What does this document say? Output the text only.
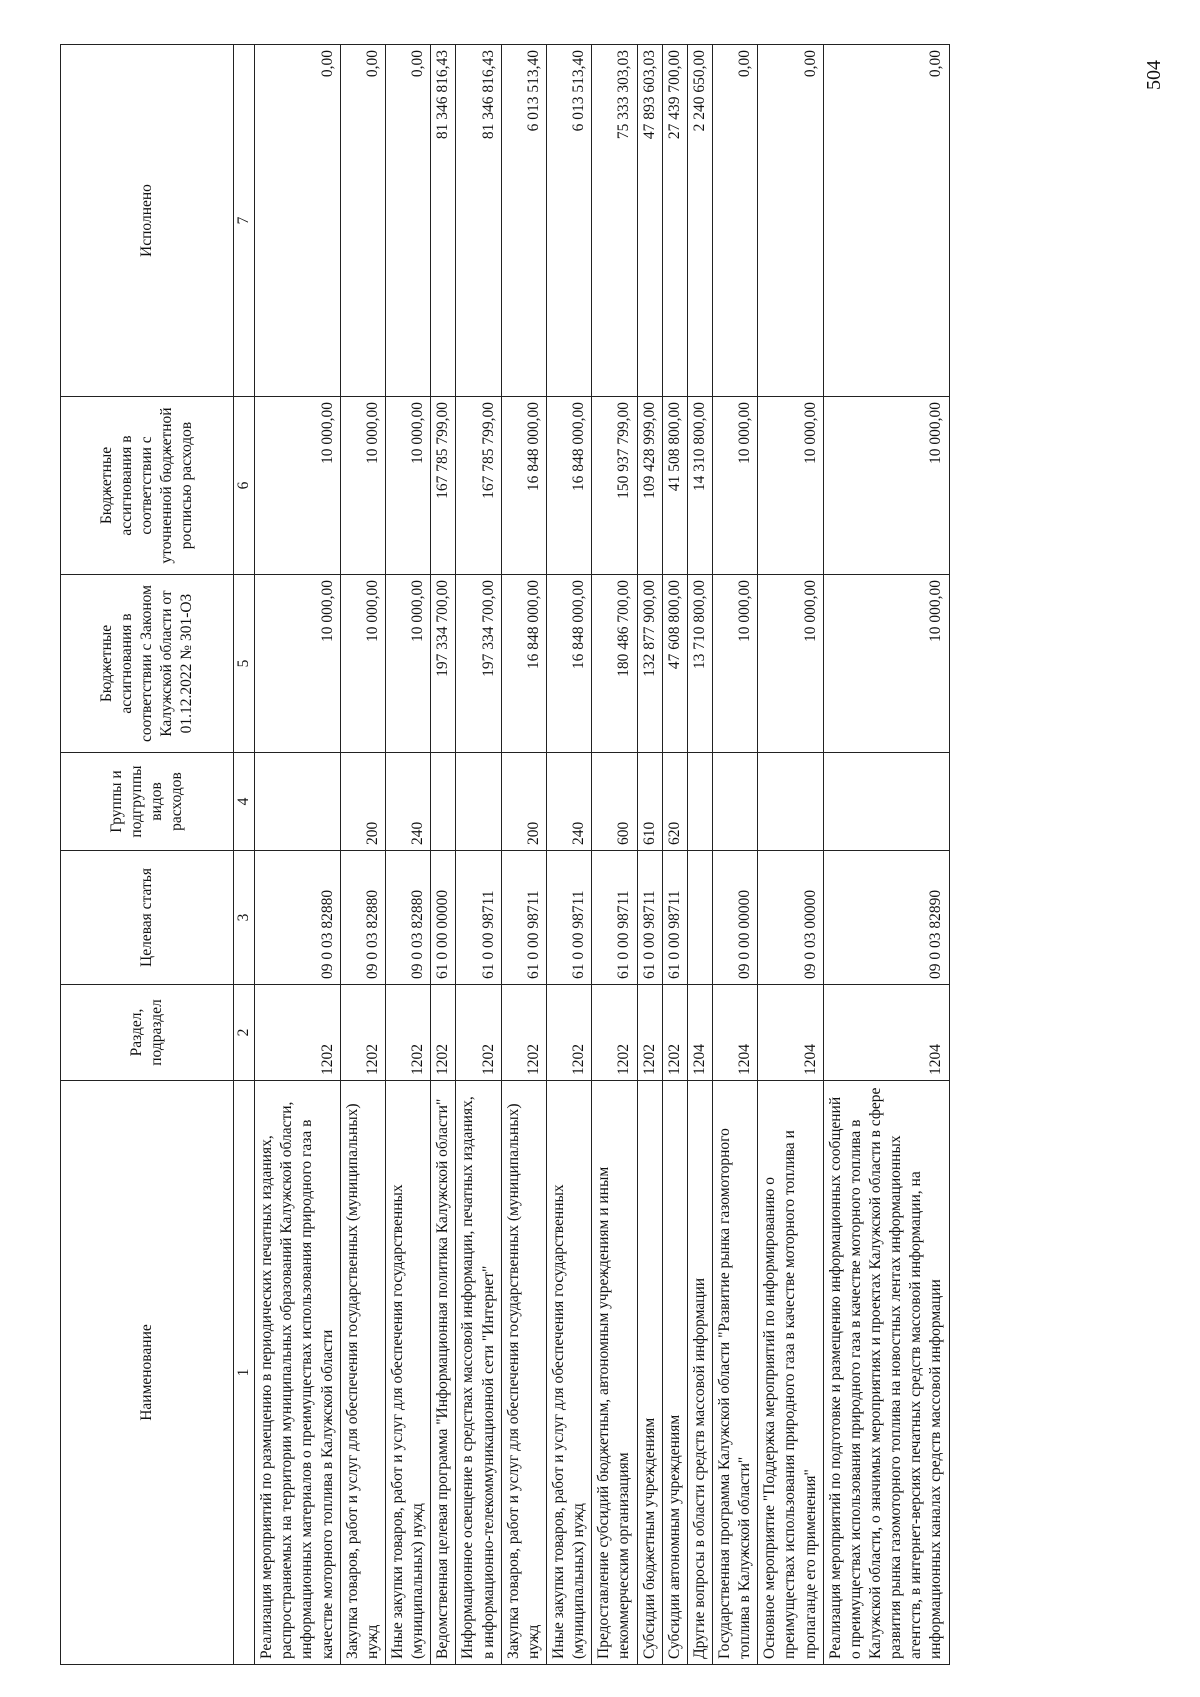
504
Наименование	Раздел, подраздел	Целевая статья	Группы и подгруппы видов расходов	Бюджетные ассигнования в соответствии с Законом Калужской области от 01.12.2022 № 301-ОЗ	Бюджетные ассигнования в соответствии с уточненной бюджетной росписью расходов	Исполнено
1	2	3	4	5	6	7
Реализация мероприятий по размещению в периодических печатных изданиях, распространяемых на территории муниципальных образований Калужской области, информационных материалов о преимуществах использования природного газа в качестве моторного топлива в Калужской области	1202	09 0 03 82880		10 000,00	10 000,00	0,00
Закупка товаров, работ и услуг для обеспечения государственных (муниципальных) нужд	1202	09 0 03 82880	200	10 000,00	10 000,00	0,00
Иные закупки товаров, работ и услуг для обеспечения государственных (муниципальных) нужд	1202	09 0 03 82880	240	10 000,00	10 000,00	0,00
Ведомственная целевая программа "Информационная политика Калужской области"	1202	61 0 00 00000		197 334 700,00	167 785 799,00	81 346 816,43
Информационное освещение в средствах массовой информации, печатных изданиях, в информационно-телекоммуникационной сети "Интернет"	1202	61 0 00 98711		197 334 700,00	167 785 799,00	81 346 816,43
Закупка товаров, работ и услуг для обеспечения государственных (муниципальных) нужд	1202	61 0 00 98711	200	16 848 000,00	16 848 000,00	6 013 513,40
Иные закупки товаров, работ и услуг для обеспечения государственных (муниципальных) нужд	1202	61 0 00 98711	240	16 848 000,00	16 848 000,00	6 013 513,40
Предоставление субсидий бюджетным, автономным учреждениям и иным некоммерческим организациям	1202	61 0 00 98711	600	180 486 700,00	150 937 799,00	75 333 303,03
Субсидии бюджетным учреждениям	1202	61 0 00 98711	610	132 877 900,00	109 428 999,00	47 893 603,03
Субсидии автономным учреждениям	1202	61 0 00 98711	620	47 608 800,00	41 508 800,00	27 439 700,00
Другие вопросы в области средств массовой информации	1204			13 710 800,00	14 310 800,00	2 240 650,00
Государственная программа Калужской области "Развитие рынка газомоторного топлива в Калужской области"	1204	09 0 00 00000		10 000,00	10 000,00	0,00
Основное мероприятие "Поддержка мероприятий по информированию о преимуществах использования природного газа в качестве моторного топлива и пропаганде его применения"	1204	09 0 03 00000		10 000,00	10 000,00	0,00
Реализация мероприятий по подготовке и размещению информационных сообщений о преимуществах использования природного газа в качестве моторного топлива в Калужской области, о значимых мероприятиях и проектах Калужской области в сфере развития рынка газомоторного топлива на новостных лентах информационных агентств, в интернет-версиях печатных средств массовой информации, на информационных каналах средств массовой информации	1204	09 0 03 82890		10 000,00	10 000,00	0,00
